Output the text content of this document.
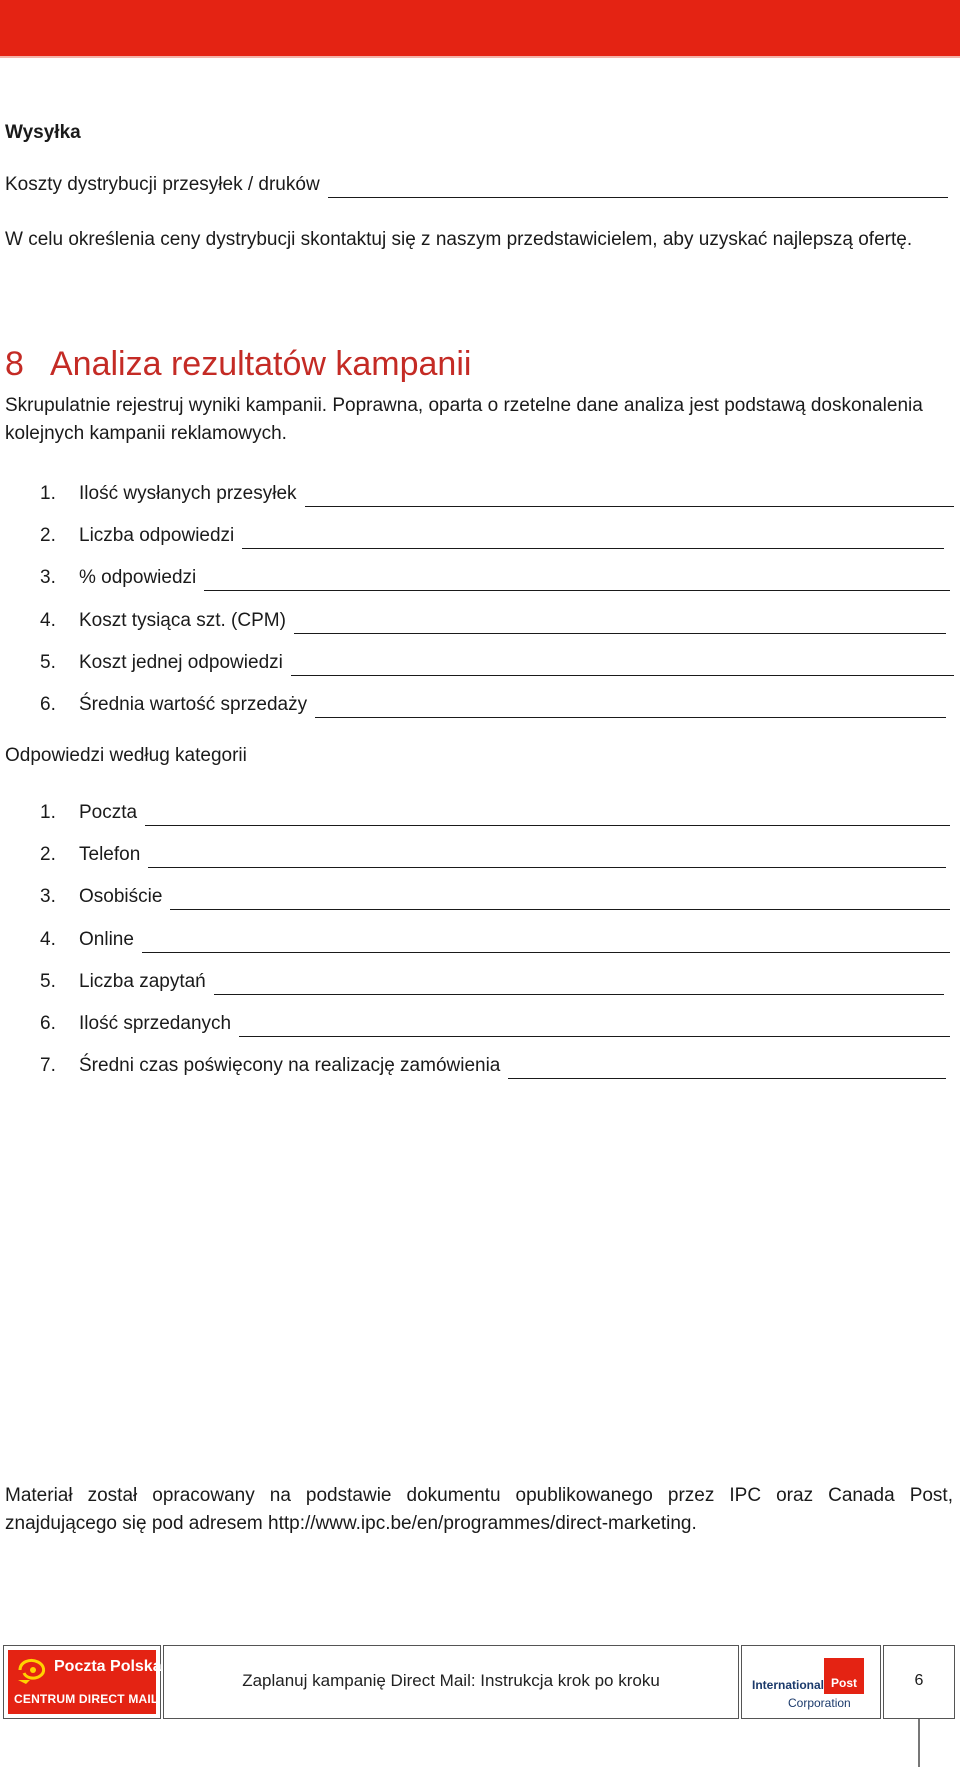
Wysyłka
Koszty dystrybucji przesyłek / druków
W celu określenia ceny dystrybucji skontaktuj się z naszym przedstawicielem, aby uzyskać najlepszą ofertę.
8 Analiza rezultatów kampanii
Skrupulatnie rejestruj wyniki kampanii. Poprawna, oparta o rzetelne dane analiza jest podstawą doskonalenia kolejnych kampanii reklamowych.
1.	Ilość wysłanych przesyłek
2.	Liczba odpowiedzi
3.	% odpowiedzi
4.	Koszt tysiąca szt. (CPM)
5.	Koszt jednej odpowiedzi
6.	Średnia wartość sprzedaży
Odpowiedzi według kategorii
1.	Poczta
2.	Telefon
3.	Osobiście
4.	Online
5.	Liczba zapytań
6.	Ilość sprzedanych
7.	Średni czas poświęcony na realizację zamówienia
Materiał został opracowany na podstawie dokumentu opublikowanego przez IPC oraz Canada Post, znajdującego się pod adresem http://www.ipc.be/en/programmes/direct-marketing.
Poczta Polska
CENTRUM DIRECT MAIL
Zaplanuj kampanię Direct Mail: Instrukcja krok po kroku	International Post
Corporation
6
